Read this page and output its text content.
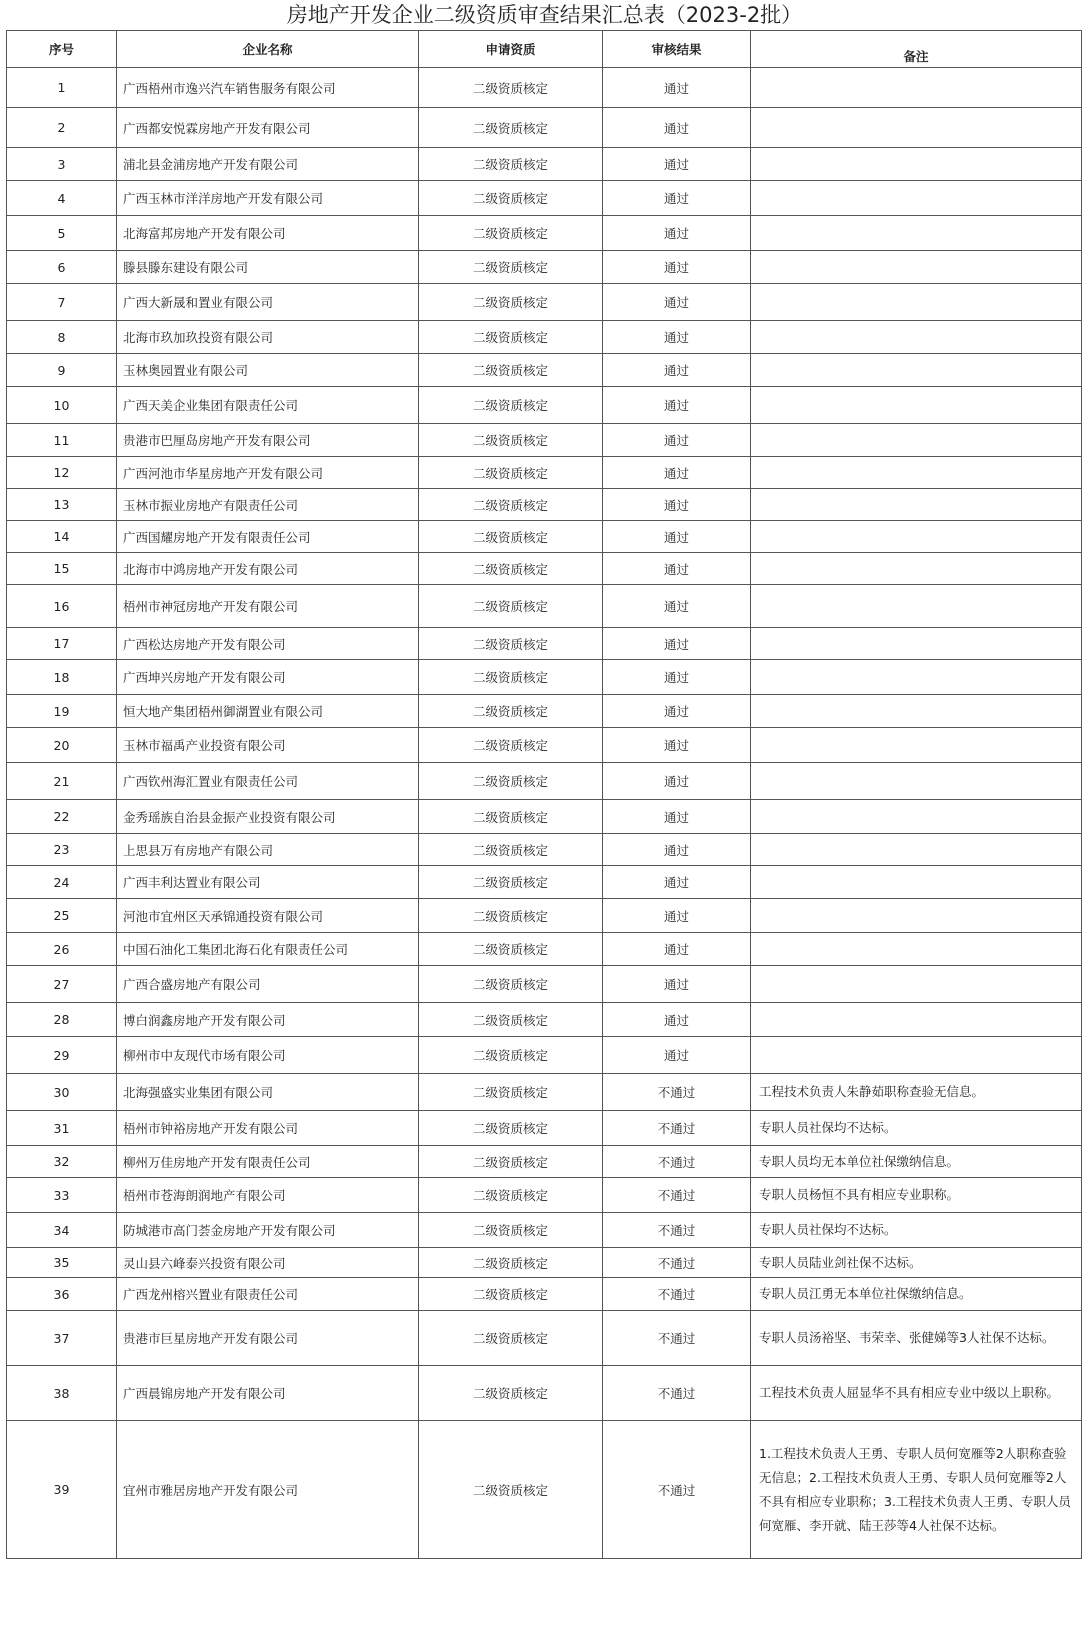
房地产开发企业二级资质审查结果汇总表（2023-2批）
序号	企业名称	申请资质	审核结果	备注
1	广西梧州市逸兴汽车销售服务有限公司	二级资质核定	通过	
2	广西都安悦霖房地产开发有限公司	二级资质核定	通过	
3	浦北县金浦房地产开发有限公司	二级资质核定	通过	
4	广西玉林市洋洋房地产开发有限公司	二级资质核定	通过	
5	北海富邦房地产开发有限公司	二级资质核定	通过	
6	滕县滕东建设有限公司	二级资质核定	通过	
7	广西大新晟和置业有限公司	二级资质核定	通过	
8	北海市玖加玖投资有限公司	二级资质核定	通过	
9	玉林奥园置业有限公司	二级资质核定	通过	
10	广西天美企业集团有限责任公司	二级资质核定	通过	
11	贵港市巴厘岛房地产开发有限公司	二级资质核定	通过	
12	广西河池市华星房地产开发有限公司	二级资质核定	通过	
13	玉林市振业房地产有限责任公司	二级资质核定	通过	
14	广西国耀房地产开发有限责任公司	二级资质核定	通过	
15	北海市中鸿房地产开发有限公司	二级资质核定	通过	
16	梧州市神冠房地产开发有限公司	二级资质核定	通过	
17	广西松达房地产开发有限公司	二级资质核定	通过	
18	广西坤兴房地产开发有限公司	二级资质核定	通过	
19	恒大地产集团梧州御湖置业有限公司	二级资质核定	通过	
20	玉林市福禹产业投资有限公司	二级资质核定	通过	
21	广西钦州海汇置业有限责任公司	二级资质核定	通过	
22	金秀瑶族自治县金振产业投资有限公司	二级资质核定	通过	
23	上思县万有房地产有限公司	二级资质核定	通过	
24	广西丰利达置业有限公司	二级资质核定	通过	
25	河池市宜州区天承锦通投资有限公司	二级资质核定	通过	
26	中国石油化工集团北海石化有限责任公司	二级资质核定	通过	
27	广西合盛房地产有限公司	二级资质核定	通过	
28	博白润鑫房地产开发有限公司	二级资质核定	通过	
29	柳州市中友现代市场有限公司	二级资质核定	通过	
30	北海强盛实业集团有限公司	二级资质核定	不通过	工程技术负责人朱静茹职称查验无信息。
31	梧州市钟裕房地产开发有限公司	二级资质核定	不通过	专职人员社保均不达标。
32	柳州万佳房地产开发有限责任公司	二级资质核定	不通过	专职人员均无本单位社保缴纳信息。
33	梧州市苍海朗润地产有限公司	二级资质核定	不通过	专职人员杨恒不具有相应专业职称。
34	防城港市高门荟金房地产开发有限公司	二级资质核定	不通过	专职人员社保均不达标。
35	灵山县六峰泰兴投资有限公司	二级资质核定	不通过	专职人员陆业剑社保不达标。
36	广西龙州榕兴置业有限责任公司	二级资质核定	不通过	专职人员江勇无本单位社保缴纳信息。
37	贵港市巨星房地产开发有限公司	二级资质核定	不通过	专职人员汤裕坚、韦荣幸、张健娣等3人社保不达标。
38	广西晨锦房地产开发有限公司	二级资质核定	不通过	工程技术负责人屈显华不具有相应专业中级以上职称。
39	宜州市雅居房地产开发有限公司	二级资质核定	不通过	1.工程技术负责人王勇、专职人员何宽雁等2人职称查验无信息；2.工程技术负责人王勇、专职人员何宽雁等2人不具有相应专业职称；3.工程技术负责人王勇、专职人员何宽雁、李开就、陆王莎等4人社保不达标。
